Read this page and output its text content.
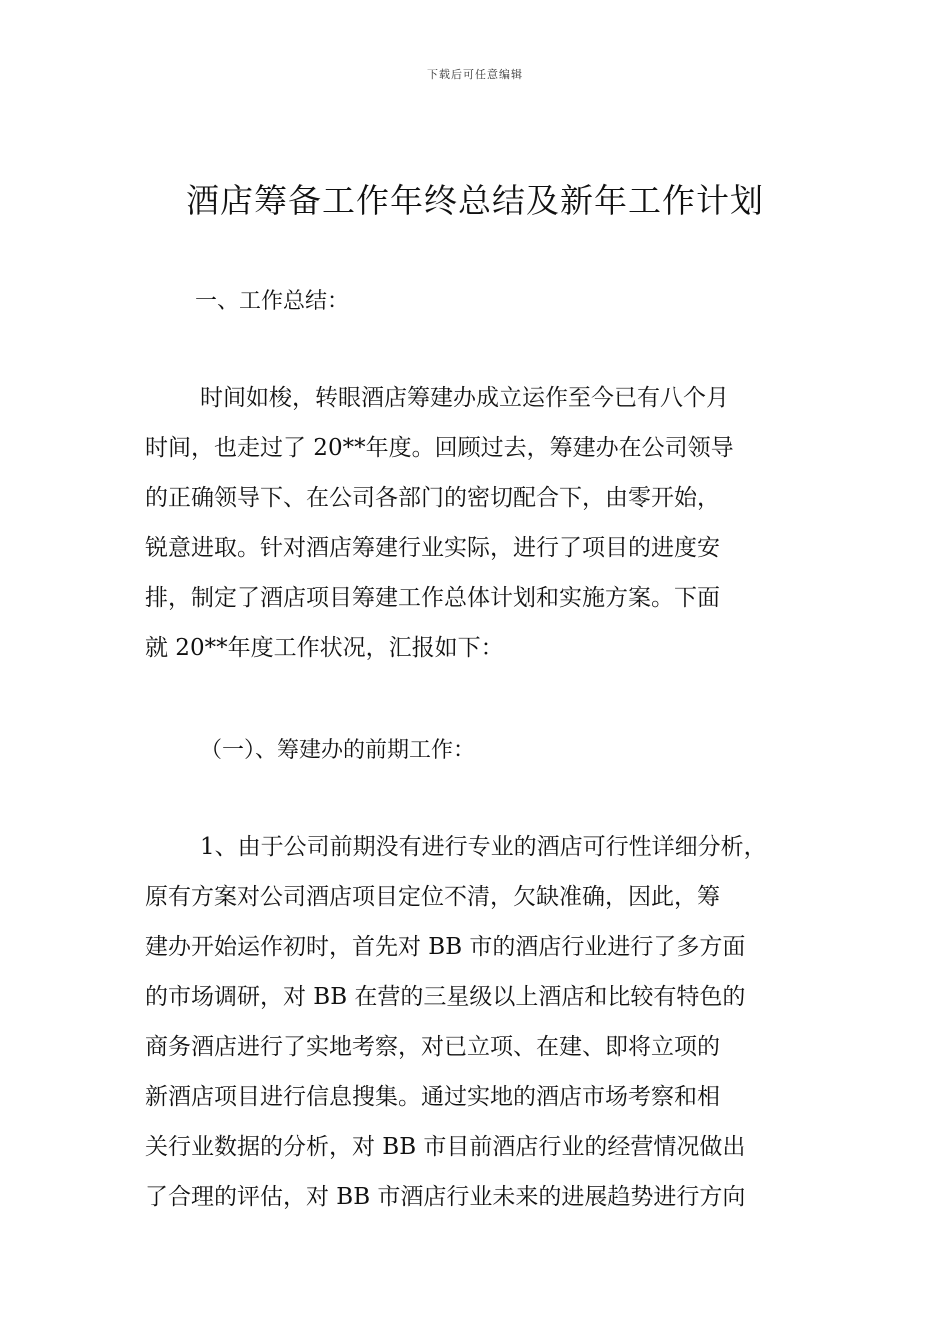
下载后可任意编辑
酒店筹备工作年终总结及新年工作计划
一、工作总结：
时间如梭，转眼酒店筹建办成立运作至今已有八个月
时间，也走过了 20**年度。回顾过去，筹建办在公司领导
的正确领导下、在公司各部门的密切配合下，由零开始，
锐意进取。针对酒店筹建行业实际，进行了项目的进度安
排，制定了酒店项目筹建工作总体计划和实施方案。下面
就 20**年度工作状况，汇报如下：
（一）、筹建办的前期工作：
1、由于公司前期没有进行专业的酒店可行性详细分析，
原有方案对公司酒店项目定位不清，欠缺准确，因此，筹
建办开始运作初时，首先对 BB 市的酒店行业进行了多方面
的市场调研，对 BB 在营的三星级以上酒店和比较有特色的
商务酒店进行了实地考察，对已立项、在建、即将立项的
新酒店项目进行信息搜集。通过实地的酒店市场考察和相
关行业数据的分析，对 BB 市目前酒店行业的经营情况做出
了合理的评估，对 BB 市酒店行业未来的进展趋势进行方向
